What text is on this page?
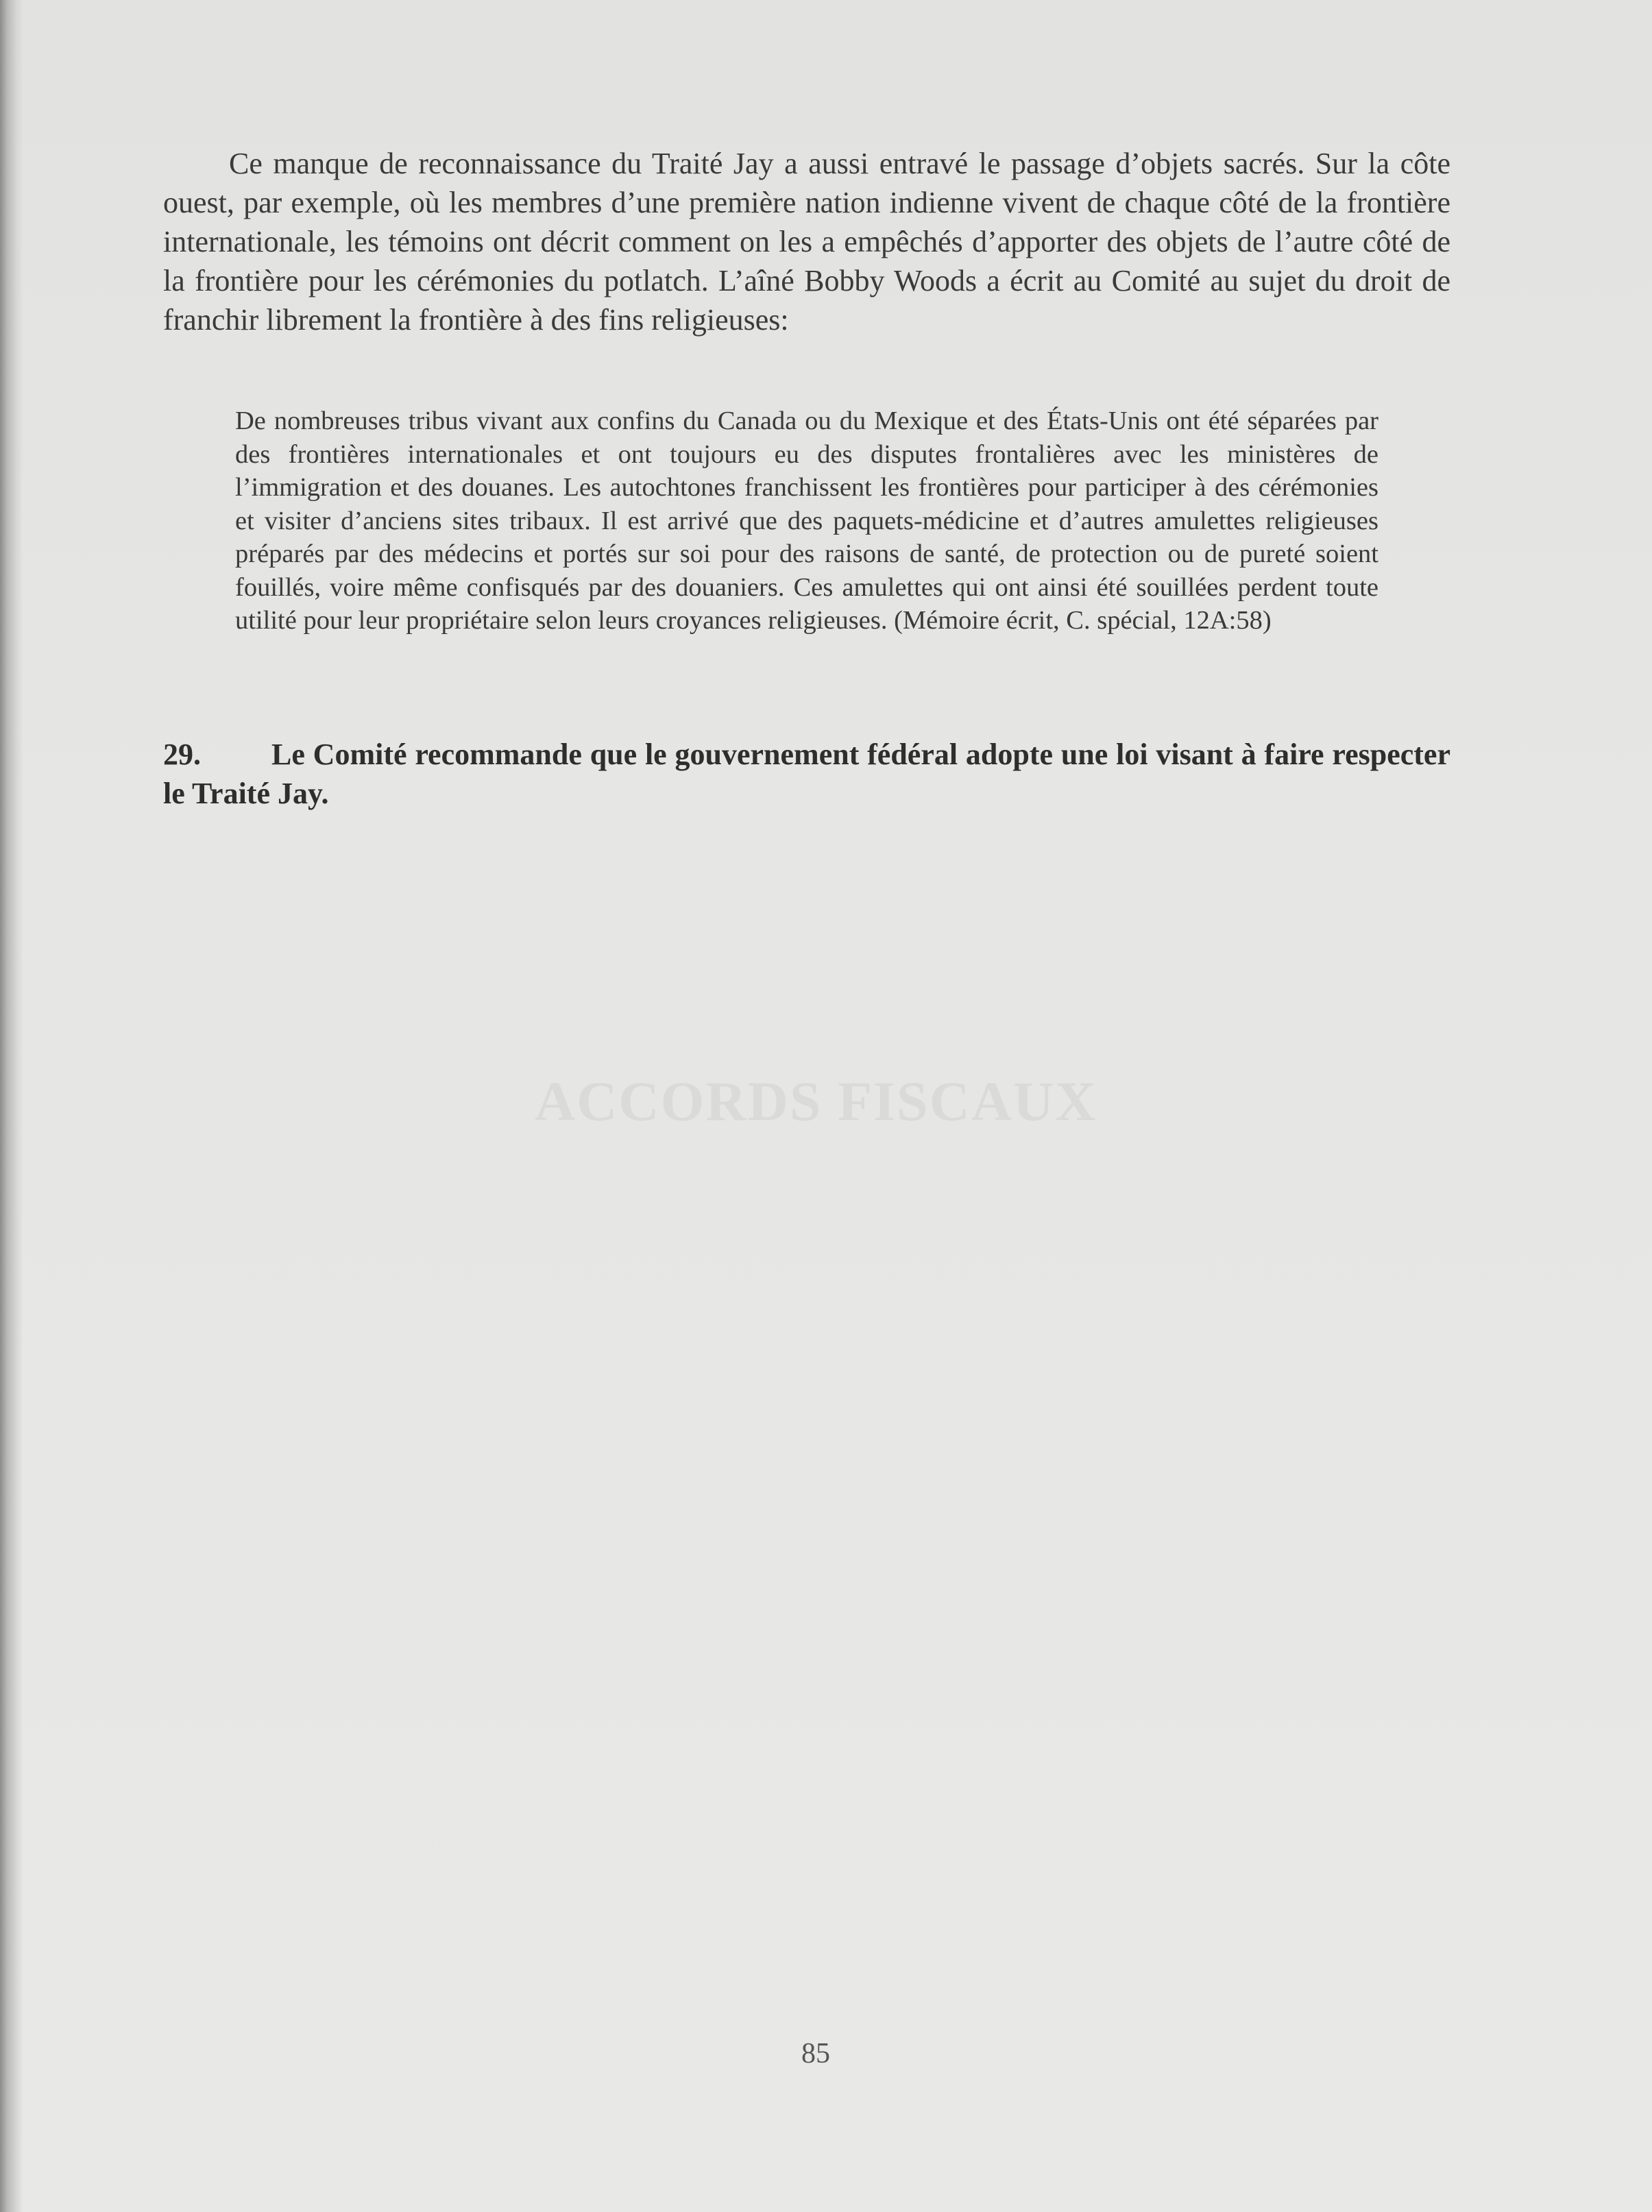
ACCORDS FISCAUX

Ce manque de reconnaissance du Traité Jay a aussi entravé le passage d’objets sacrés. Sur la côte ouest, par exemple, où les membres d’une première nation indienne vivent de chaque côté de la frontière internationale, les témoins ont décrit comment on les a empêchés d’apporter des objets de l’autre côté de la frontière pour les cérémonies du potlatch. L’aîné Bobby Woods a écrit au Comité au sujet du droit de franchir librement la frontière à des fins religieuses:

De nombreuses tribus vivant aux confins du Canada ou du Mexique et des États-Unis ont été séparées par des frontières internationales et ont toujours eu des disputes frontalières avec les ministères de l’immigration et des douanes. Les autochtones franchissent les frontières pour participer à des cérémonies et visiter d’anciens sites tribaux. Il est arrivé que des paquets-médicine et d’autres amulettes religieuses préparés par des médecins et portés sur soi pour des raisons de santé, de protection ou de pureté soient fouillés, voire même confisqués par des douaniers. Ces amulettes qui ont ainsi été souillées perdent toute utilité pour leur propriétaire selon leurs croyances religieuses. (Mémoire écrit, C. spécial, 12A:58)

29. Le Comité recommande que le gouvernement fédéral adopte une loi visant à faire respecter le Traité Jay.

85
